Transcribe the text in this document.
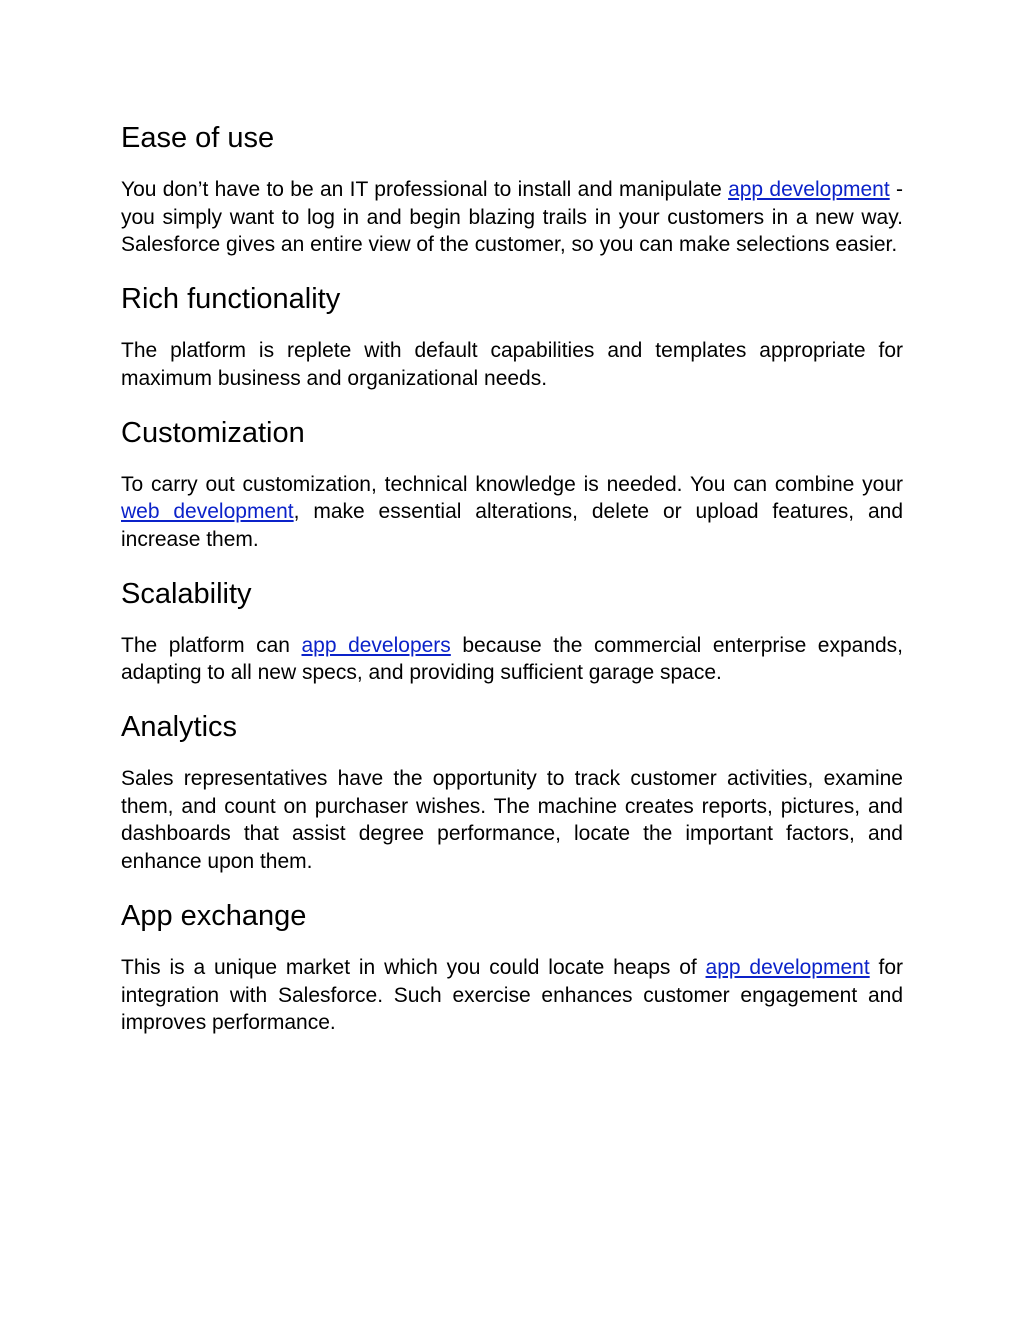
Ease of use

You don’t have to be an IT professional to install and manipulate app development - you simply want to log in and begin blazing trails in your customers in a new way. Salesforce gives an entire view of the customer, so you can make selections easier.

Rich functionality

The platform is replete with default capabilities and templates appropriate for maximum business and organizational needs.

Customization

To carry out customization, technical knowledge is needed. You can combine your web development, make essential alterations, delete or upload features, and increase them.

Scalability

The platform can app developers because the commercial enterprise expands, adapting to all new specs, and providing sufficient garage space.

Analytics

Sales representatives have the opportunity to track customer activities, examine them, and count on purchaser wishes. The machine creates reports, pictures, and dashboards that assist degree performance, locate the important factors, and enhance upon them.

App exchange

This is a unique market in which you could locate heaps of app development for integration with Salesforce. Such exercise enhances customer engagement and improves performance.
